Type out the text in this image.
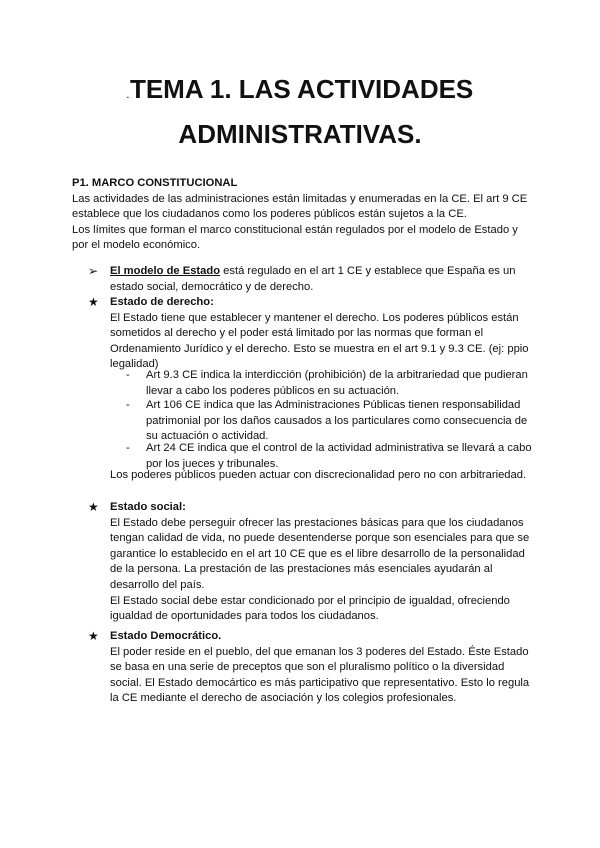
.TEMA 1. LAS ACTIVIDADES
ADMINISTRATIVAS.
P1. MARCO CONSTITUCIONAL
Las actividades de las administraciones están limitadas y enumeradas en la CE. El art 9 CE
establece que los ciudadanos como los poderes públicos están sujetos a la CE.
Los límites que forman el marco constitucional están regulados por el modelo de Estado y
por el modelo económico.
➢	El modelo de Estado está regulado en el art 1 CE y establece que España es un
estado social, democrático y de derecho.
★	Estado de derecho:
El Estado tiene que establecer y mantener el derecho. Los poderes públicos están
sometidos al derecho y el poder está limitado por las normas que forman el
Ordenamiento Jurídico y el derecho. Esto se muestra en el art 9.1 y 9.3 CE. (ej: ppio
legalidad)
- Art 9.3 CE indica la interdicción (prohibición) de la arbitrariedad que pudieran
llevar a cabo los poderes públicos en su actuación.
- Art 106 CE indica que las Administraciones Públicas tienen responsabilidad
patrimonial por los daños causados a los particulares como consecuencia de
su actuación o actividad.
- Art 24 CE indica que el control de la actividad administrativa se llevará a cabo
por los jueces y tribunales.
Los poderes públicos pueden actuar con discrecionalidad pero no con arbitrariedad.
★	Estado social:
El Estado debe perseguir ofrecer las prestaciones básicas para que los ciudadanos
tengan calidad de vida, no puede desentenderse porque son esenciales para que se
garantice lo establecido en el art 10 CE que es el libre desarrollo de la personalidad
de la persona. La prestación de las prestaciones más esenciales ayudarán al
desarrollo del país.
El Estado social debe estar condicionado por el principio de igualdad, ofreciendo
igualdad de oportunidades para todos los ciudadanos.
★	Estado Democrático.
El poder reside en el pueblo, del que emanan los 3 poderes del Estado. Éste Estado
se basa en una serie de preceptos que son el pluralismo político o la diversidad
social. El Estado democártico es más participativo que representativo. Esto lo regula
la CE mediante el derecho de asociación y los colegios profesionales.
